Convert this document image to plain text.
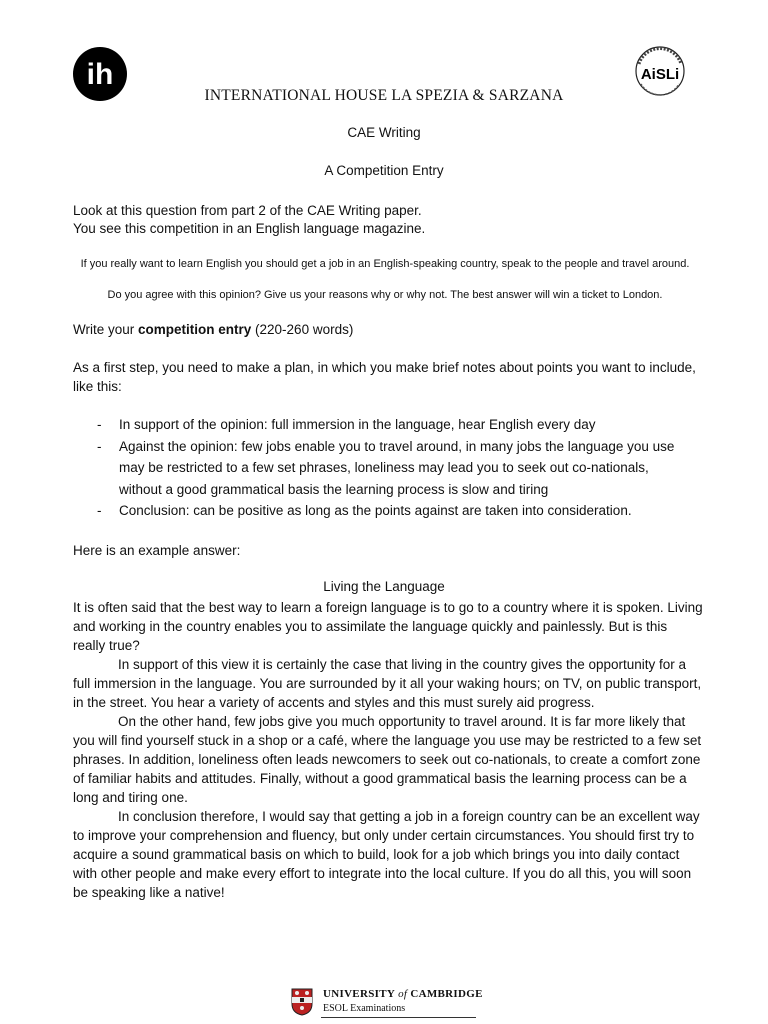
ih	AiSLi
INTERNATIONAL HOUSE LA SPEZIA & SARZANA
CAE Writing
A Competition Entry
Look at this question from part 2 of the CAE Writing paper.
You see this competition in an English language magazine.
If you really want to learn English you should get a job in an English-speaking country, speak to the people and travel around.
Do you agree with this opinion? Give us your reasons why or why not. The best answer will win a ticket to London.
Write your competition entry (220-260 words)
As a first step, you need to make a plan, in which you make brief notes about points you want to include, like this:
- In support of the opinion: full immersion in the language, hear English every day
- Against the opinion: few jobs enable you to travel around, in many jobs the language you use may be restricted to a few set phrases, loneliness may lead you to seek out co-nationals, without a good grammatical basis the learning process is slow and tiring
- Conclusion: can be positive as long as the points against are taken into consideration.
Here is an example answer:
Living the Language

It is often said that the best way to learn a foreign language is to go to a country where it is spoken. Living and working in the country enables you to assimilate the language quickly and painlessly. But is this really true?

In support of this view it is certainly the case that living in the country gives the opportunity for a full immersion in the language. You are surrounded by it all your waking hours; on TV, on public transport, in the street. You hear a variety of accents and styles and this must surely aid progress.

On the other hand, few jobs give you much opportunity to travel around. It is far more likely that you will find yourself stuck in a shop or a café, where the language you use may be restricted to a few set phrases. In addition, loneliness often leads newcomers to seek out co-nationals, to create a comfort zone of familiar habits and attitudes. Finally, without a good grammatical basis the learning process can be a long and tiring one.

In conclusion therefore, I would say that getting a job in a foreign country can be an excellent way to improve your comprehension and fluency, but only under certain circumstances. You should first try to acquire a sound grammatical basis on which to build, look for a job which brings you into daily contact with other people and make every effort to integrate into the local culture. If you do all this, you will soon be speaking like a native!

UNIVERSITY of CAMBRIDGE
ESOL Examinations
